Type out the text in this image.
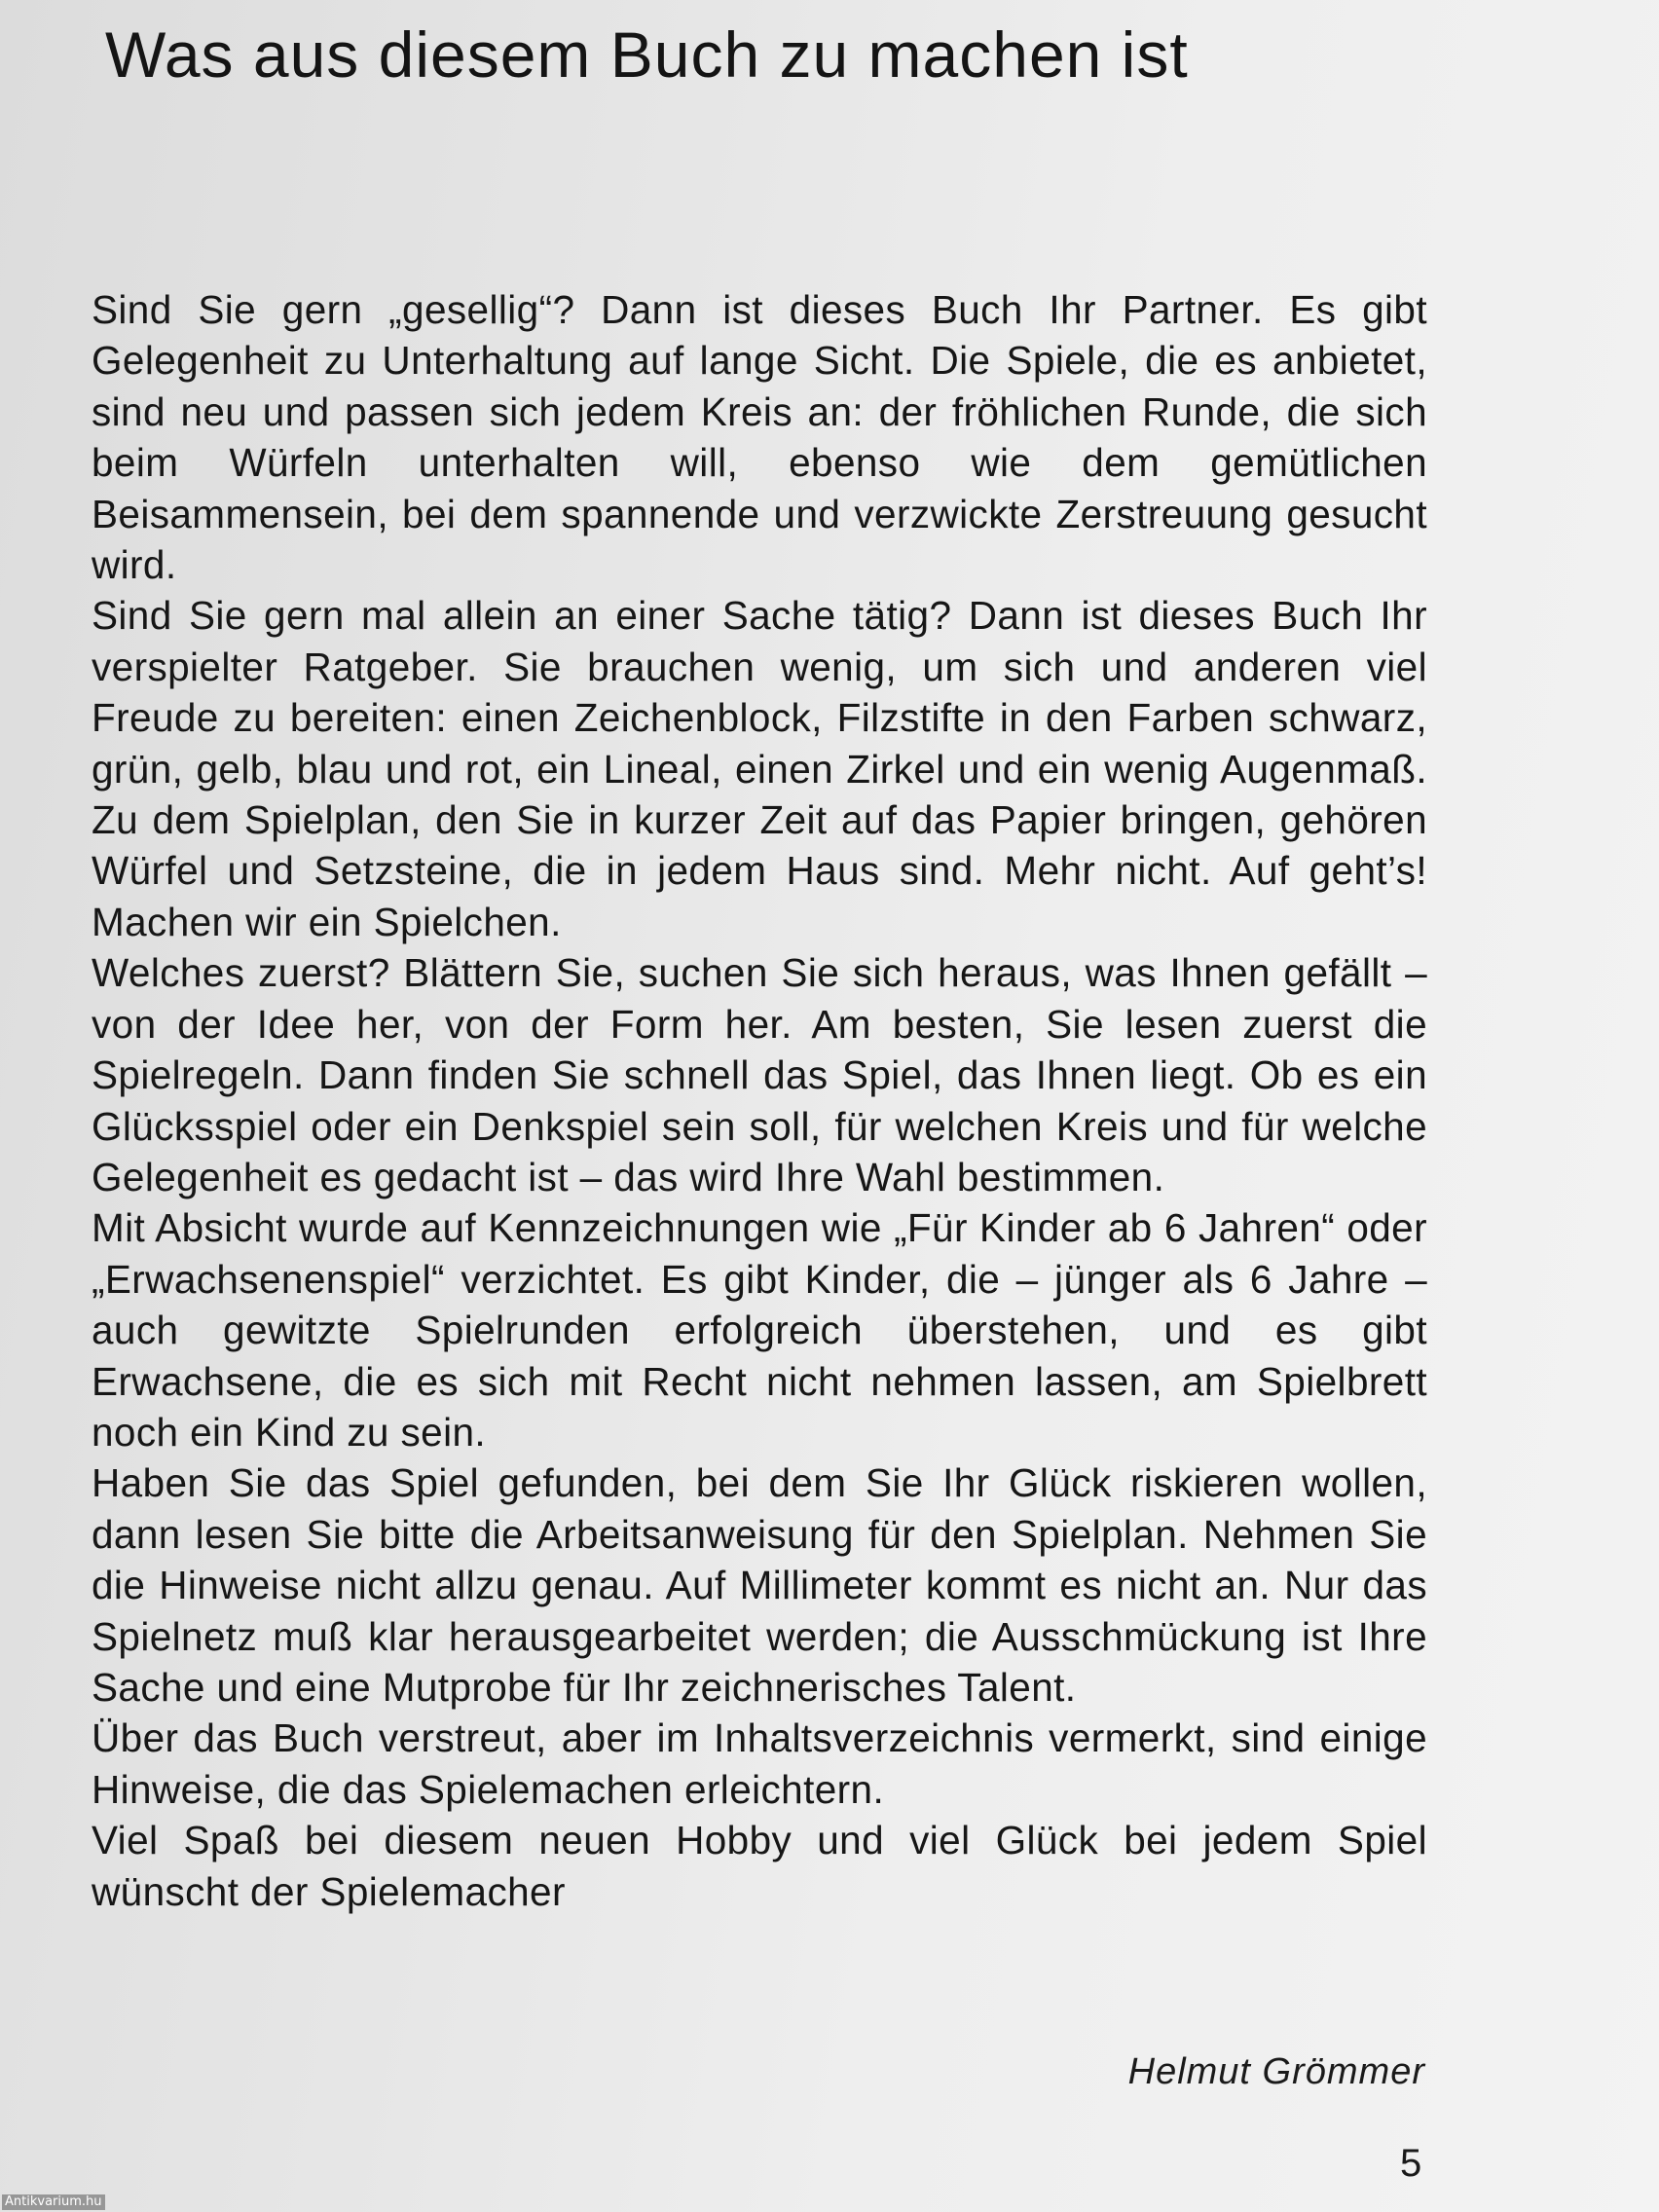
Was aus diesem Buch zu machen ist

Sind Sie gern „gesellig“? Dann ist dieses Buch Ihr Partner. Es gibt Gelegenheit zu Unterhaltung auf lange Sicht. Die Spiele, die es anbietet, sind neu und passen sich jedem Kreis an: der fröhlichen Runde, die sich beim Würfeln unterhalten will, ebenso wie dem gemütlichen Beisammensein, bei dem spannende und verzwickte Zerstreuung gesucht wird.

Sind Sie gern mal allein an einer Sache tätig? Dann ist dieses Buch Ihr verspielter Ratgeber. Sie brauchen wenig, um sich und anderen viel Freude zu bereiten: einen Zeichenblock, Filzstifte in den Farben schwarz, grün, gelb, blau und rot, ein Lineal, einen Zirkel und ein wenig Augenmaß. Zu dem Spielplan, den Sie in kurzer Zeit auf das Papier bringen, gehören Würfel und Setzsteine, die in jedem Haus sind. Mehr nicht. Auf geht’s! Machen wir ein Spielchen.

Welches zuerst? Blättern Sie, suchen Sie sich heraus, was Ihnen gefällt – von der Idee her, von der Form her. Am besten, Sie lesen zuerst die Spielregeln. Dann finden Sie schnell das Spiel, das Ihnen liegt. Ob es ein Glücksspiel oder ein Denkspiel sein soll, für welchen Kreis und für welche Gelegenheit es gedacht ist – das wird Ihre Wahl bestimmen.

Mit Absicht wurde auf Kennzeichnungen wie „Für Kinder ab 6 Jahren“ oder „Erwachsenenspiel“ verzichtet. Es gibt Kinder, die – jünger als 6 Jahre – auch gewitzte Spielrunden erfolgreich überstehen, und es gibt Erwachsene, die es sich mit Recht nicht nehmen lassen, am Spielbrett noch ein Kind zu sein.

Haben Sie das Spiel gefunden, bei dem Sie Ihr Glück riskieren wollen, dann lesen Sie bitte die Arbeitsanweisung für den Spielplan. Nehmen Sie die Hinweise nicht allzu genau. Auf Millimeter kommt es nicht an. Nur das Spielnetz muß klar herausgearbeitet werden; die Ausschmückung ist Ihre Sache und eine Mutprobe für Ihr zeichnerisches Talent.

Über das Buch verstreut, aber im Inhaltsverzeichnis vermerkt, sind einige Hinweise, die das Spielemachen erleichtern.

Viel Spaß bei diesem neuen Hobby und viel Glück bei jedem Spiel wünscht der Spielemacher

Helmut Grömmer
5
Antikvarium.hu
